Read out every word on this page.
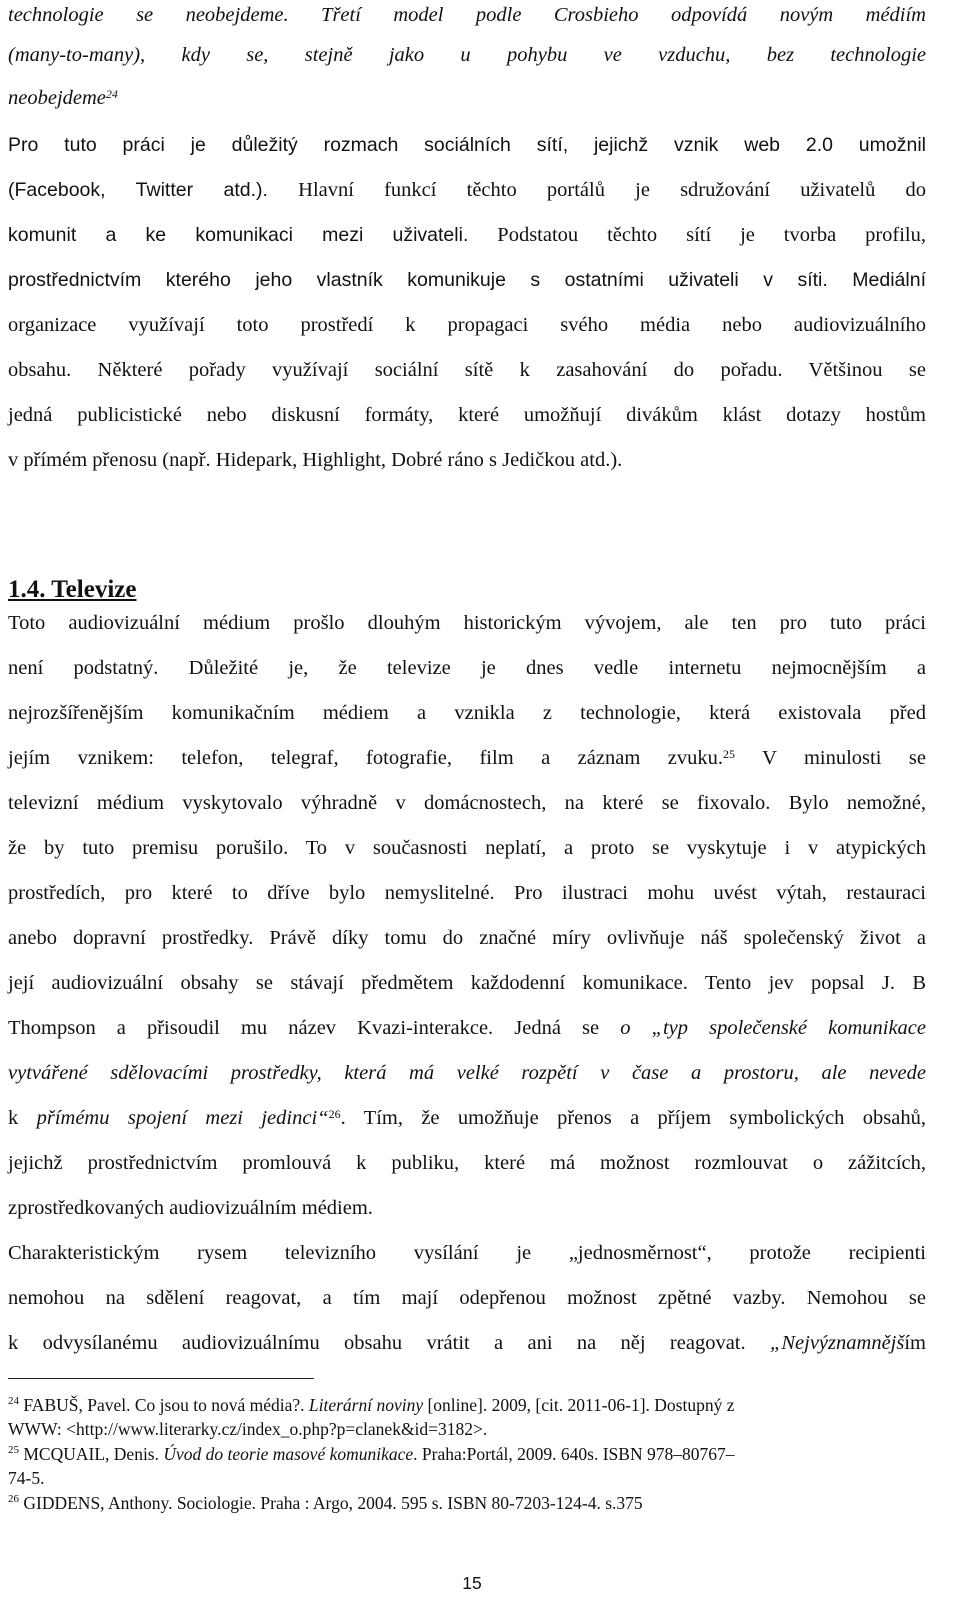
technologie se neobejdeme. Třetí model podle Crosbieho odpovídá novým médiím
(many-to-many), kdy se, stejně jako u pohybu ve vzduchu, bez technologie
neobejdeme$^{24}$
Pro tuto práci je důležitý rozmach sociálních sítí, jejichž vznik web 2.0 umožnil
(Facebook, Twitter atd.). Hlavní funkcí těchto portálů je sdružování uživatelů do
komunit a ke komunikaci mezi uživateli. Podstatou těchto sítí je tvorba profilu,
prostřednictvím kterého jeho vlastník komunikuje s ostatními uživateli v síti. Mediální
organizace využívají toto prostředí k propagaci svého média nebo audiovizuálního
obsahu. Některé pořady využívají sociální sítě k zasahování do pořadu. Většinou se
jedná publicistické nebo diskusní formáty, které umožňují divákům klást dotazy hostům
v přímém přenosu (např. Hidepark, Highlight, Dobré ráno s Jedičkou atd.).
1.4. Televize
Toto audiovizuální médium prošlo dlouhým historickým vývojem, ale ten pro tuto práci
není podstatný. Důležité je, že televize je dnes vedle internetu nejmocnějším a
nejrozšířenějším komunikačním médiem a vznikla z technologie, která existovala před
jejím vznikem: telefon, telegraf, fotografie, film a záznam zvuku.$^{25}$ V minulosti se
televizní médium vyskytovalo výhradně v domácnostech, na které se fixovalo. Bylo nemožné,
že by tuto premisu porušilo. To v současnosti neplatí, a proto se vyskytuje i v atypických
prostředích, pro které to dříve bylo nemyslitelné. Pro ilustraci mohu uvést výtah, restauraci
anebo dopravní prostředky. Právě díky tomu do značné míry ovlivňuje náš společenský život a
její audiovizuální obsahy se stávají předmětem každodenní komunikace. Tento jev popsal J. B
Thompson a přisoudil mu název Kvazi-interakce. Jedná se o „typ společenské komunikace
vytvářené sdělovacími prostředky, která má velké rozpětí v čase a prostoru, ale nevede
k přímému spojení mezi jedinci“$^{26}$. Tím, že umožňuje přenos a příjem symbolických obsahů,
jejichž prostřednictvím promlouvá k publiku, které má možnost rozmlouvat o zážitcích,
zprostředkovaných audiovizuálním médiem.
Charakteristickým rysem televizního vysílání je „jednosměrnost“, protože recipienti
nemohou na sdělení reagovat, a tím mají odepřenou možnost zpětné vazby. Nemohou se
k odvysílanému audiovizuálnímu obsahu vrátit a ani na něj reagovat. „Nejvýznamnějším
$^{24}$ FABUŠ, Pavel. Co jsou to nová média?. Literární noviny [online]. 2009, [cit. 2011-06-1]. Dostupný z
WWW: <http://www.literarky.cz/index_o.php?p=clanek&id=3182>.
$^{25}$ MCQUAIL, Denis. Úvod do teorie masové komunikace. Praha:Portál, 2009. 640s. ISBN 978–80767–
74-5.
$^{26}$ GIDDENS, Anthony. Sociologie. Praha : Argo, 2004. 595 s. ISBN 80-7203-124-4. s.375
15
